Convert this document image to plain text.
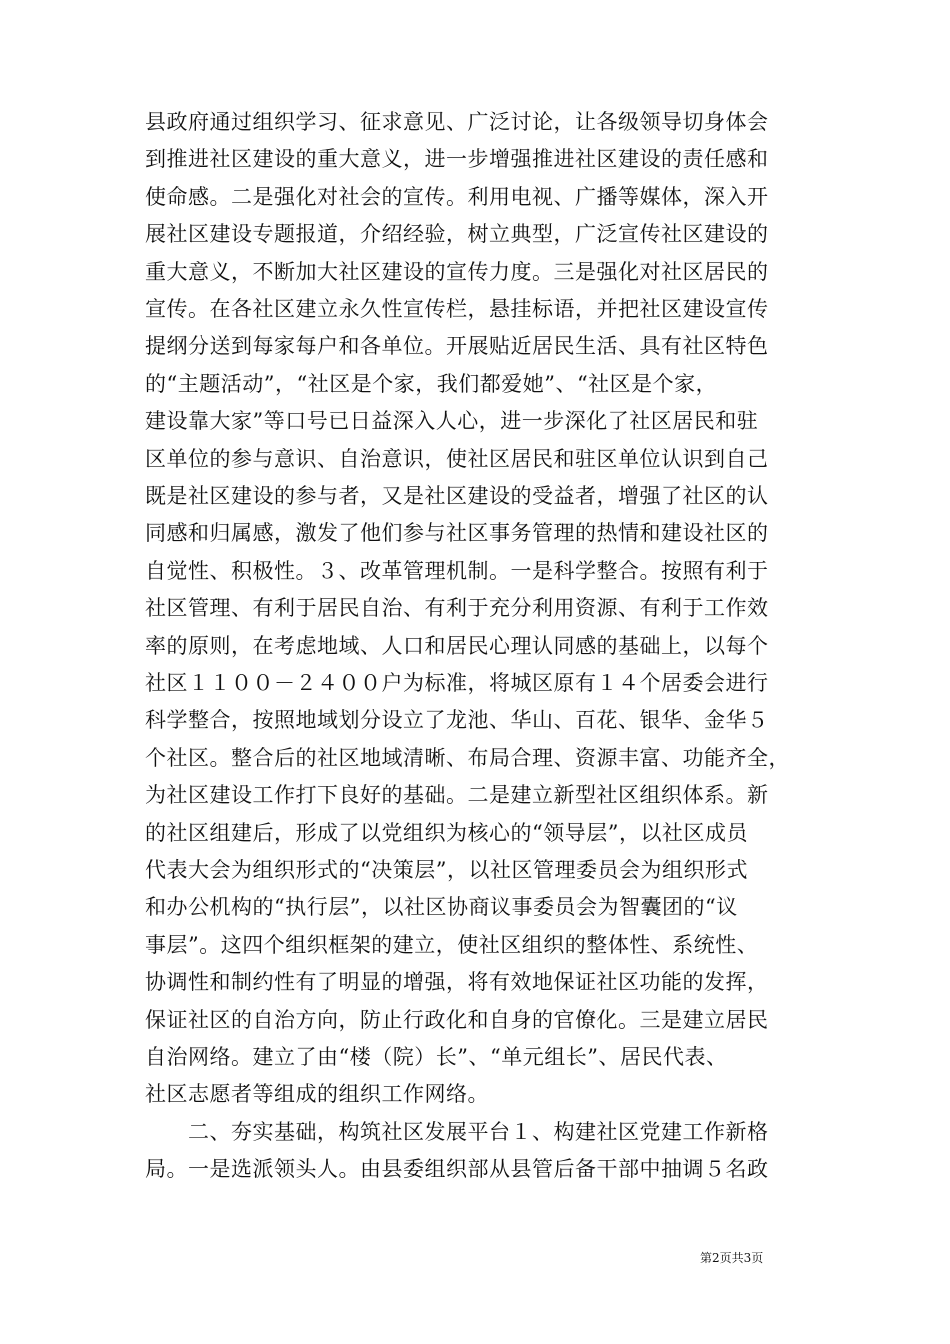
县政府通过组织学习、征求意见、广泛讨论，让各级领导切身体会
到推进社区建设的重大意义，进一步增强推进社区建设的责任感和
使命感。二是强化对社会的宣传。利用电视、广播等媒体，深入开
展社区建设专题报道，介绍经验，树立典型，广泛宣传社区建设的
重大意义，不断加大社区建设的宣传力度。三是强化对社区居民的
宣传。在各社区建立永久性宣传栏，悬挂标语，并把社区建设宣传
提纲分送到每家每户和各单位。开展贴近居民生活、具有社区特色
的“主题活动”，“社区是个家，我们都爱她”、“社区是个家，
建设靠大家”等口号已日益深入人心，进一步深化了社区居民和驻
区单位的参与意识、自治意识，使社区居民和驻区单位认识到自己
既是社区建设的参与者，又是社区建设的受益者，增强了社区的认
同感和归属感，激发了他们参与社区事务管理的热情和建设社区的
自觉性、积极性。３、改革管理机制。一是科学整合。按照有利于
社区管理、有利于居民自治、有利于充分利用资源、有利于工作效
率的原则，在考虑地域、人口和居民心理认同感的基础上，以每个
社区１１００－２４００户为标准，将城区原有１４个居委会进行
科学整合，按照地域划分设立了龙池、华山、百花、银华、金华５
个社区。整合后的社区地域清晰、布局合理、资源丰富、功能齐全，
为社区建设工作打下良好的基础。二是建立新型社区组织体系。新
的社区组建后，形成了以党组织为核心的“领导层”，以社区成员
代表大会为组织形式的“决策层”，以社区管理委员会为组织形式
和办公机构的“执行层”，以社区协商议事委员会为智囊团的“议
事层”。这四个组织框架的建立，使社区组织的整体性、系统性、
协调性和制约性有了明显的增强，将有效地保证社区功能的发挥，
保证社区的自治方向，防止行政化和自身的官僚化。三是建立居民
自治网络。建立了由“楼（院）长”、“单元组长”、居民代表、
社区志愿者等组成的组织工作网络。
　　二、夯实基础，构筑社区发展平台１、构建社区党建工作新格
局。一是选派领头人。由县委组织部从县管后备干部中抽调５名政
第2页共3页
